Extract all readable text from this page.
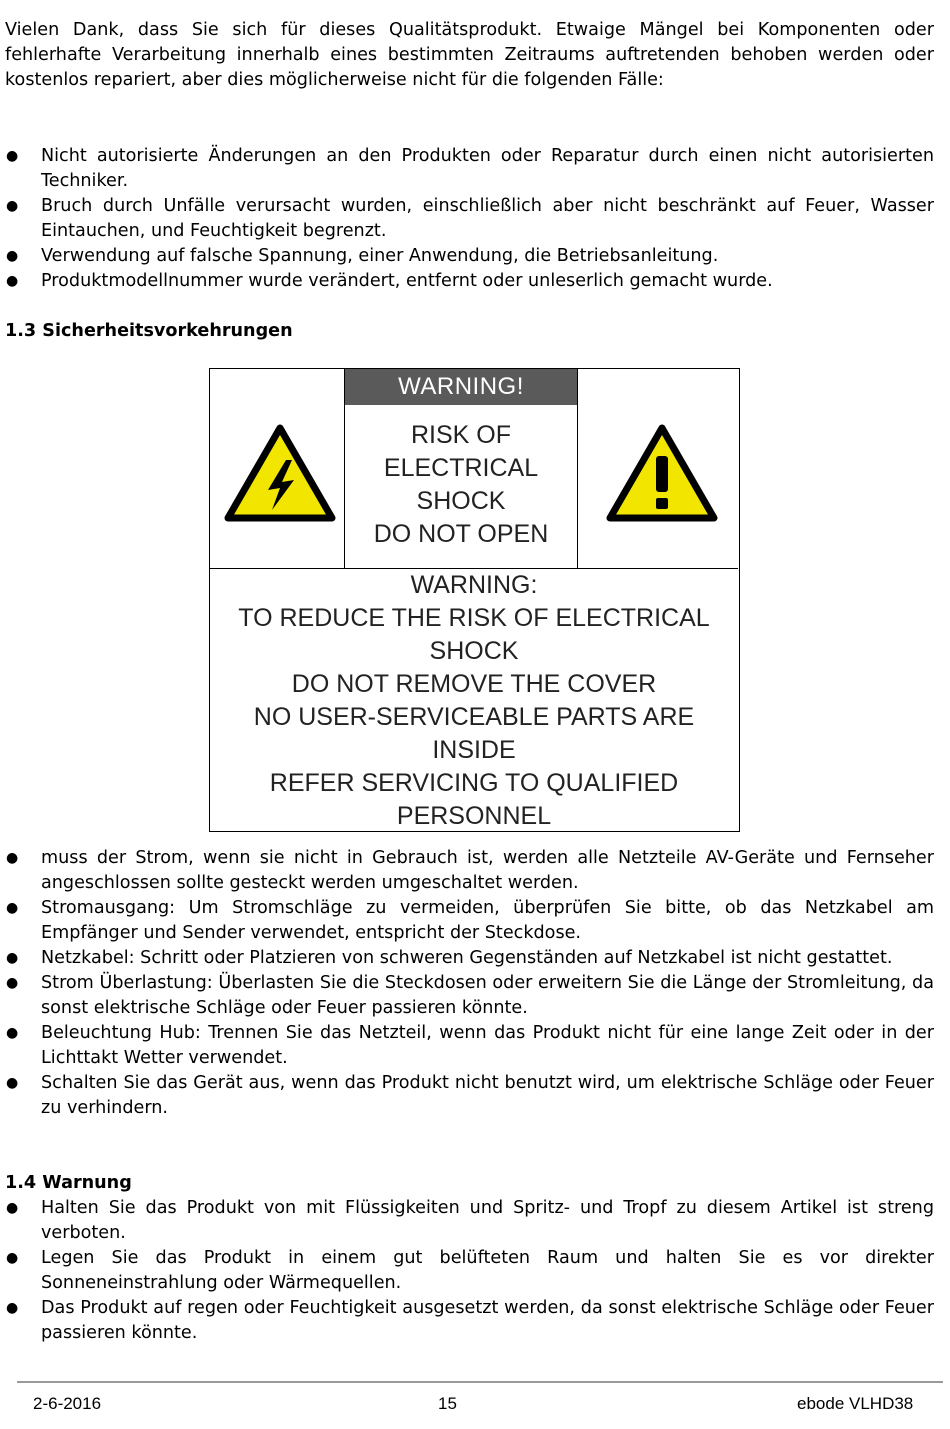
Vielen Dank, dass Sie sich für dieses Qualitätsprodukt. Etwaige Mängel bei Komponenten oder fehlerhafte Verarbeitung innerhalb eines bestimmten Zeitraums auftretenden behoben werden oder kostenlos repariert, aber dies möglicherweise nicht für die folgenden Fälle:

● Nicht autorisierte Änderungen an den Produkten oder Reparatur durch einen nicht autorisierten Techniker.
● Bruch durch Unfälle verursacht wurden, einschließlich aber nicht beschränkt auf Feuer, Wasser Eintauchen, und Feuchtigkeit begrenzt.
● Verwendung auf falsche Spannung, einer Anwendung, die Betriebsanleitung.
● Produktmodellnummer wurde verändert, entfernt oder unleserlich gemacht wurde.
1.3 Sicherheitsvorkehrungen
WARNING!
RISK OF
ELECTRICAL
SHOCK
DO NOT OPEN
WARNING:
TO REDUCE THE RISK OF ELECTRICAL
SHOCK
DO NOT REMOVE THE COVER
NO USER-SERVICEABLE PARTS ARE
INSIDE
REFER SERVICING TO QUALIFIED
PERSONNEL
● muss der Strom, wenn sie nicht in Gebrauch ist, werden alle Netzteile AV-Geräte und Fernseher angeschlossen sollte gesteckt werden umgeschaltet werden.
● Stromausgang: Um Stromschläge zu vermeiden, überprüfen Sie bitte, ob das Netzkabel am Empfänger und Sender verwendet, entspricht der Steckdose.
● Netzkabel: Schritt oder Platzieren von schweren Gegenständen auf Netzkabel ist nicht gestattet.
● Strom Überlastung: Überlasten Sie die Steckdosen oder erweitern Sie die Länge der Stromleitung, da sonst elektrische Schläge oder Feuer passieren könnte.
● Beleuchtung Hub: Trennen Sie das Netzteil, wenn das Produkt nicht für eine lange Zeit oder in der Lichttakt Wetter verwendet.
● Schalten Sie das Gerät aus, wenn das Produkt nicht benutzt wird, um elektrische Schläge oder Feuer zu verhindern.
1.4 Warnung
● Halten Sie das Produkt von mit Flüssigkeiten und Spritz- und Tropf zu diesem Artikel ist streng verboten.
● Legen Sie das Produkt in einem gut belüfteten Raum und halten Sie es vor direkter Sonneneinstrahlung oder Wärmequellen.
● Das Produkt auf regen oder Feuchtigkeit ausgesetzt werden, da sonst elektrische Schläge oder Feuer passieren könnte.
2-6-2016	15	ebode VLHD38
